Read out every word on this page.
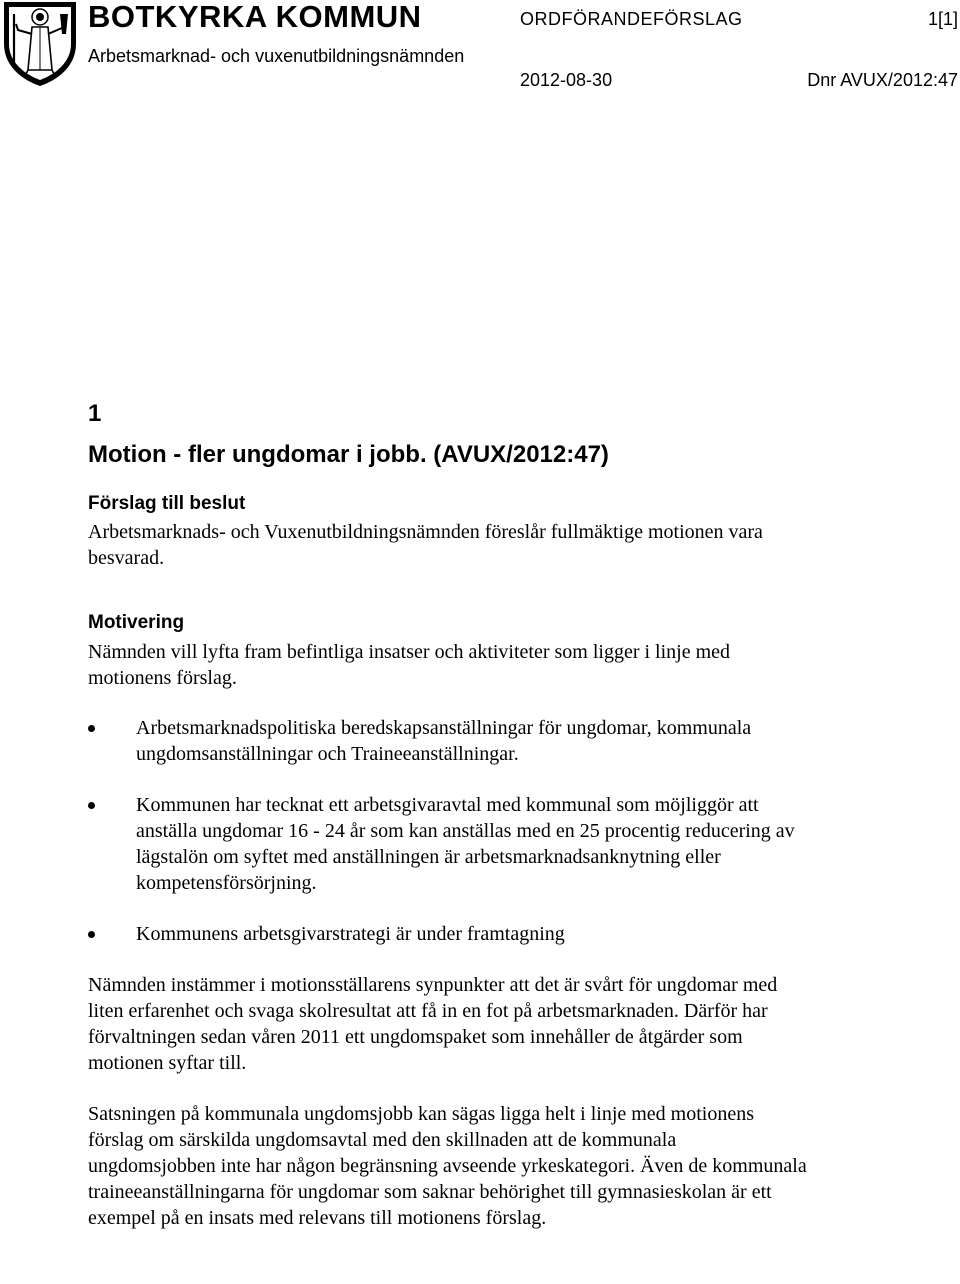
BOTKYRKA KOMMUN
Arbetsmarknad- och vuxenutbildningsnämnden
ORDFÖRANDEFÖRSLAG	1[1]
2012-08-30	Dnr AVUX/2012:47
1
Motion - fler ungdomar i jobb. (AVUX/2012:47)
Förslag till beslut

Arbetsmarknads- och Vuxenutbildningsnämnden föreslår fullmäktige motionen vara besvarad.

Motivering

Nämnden vill lyfta fram befintliga insatser och aktiviteter som ligger i linje med motionens förslag.

Arbetsmarknadspolitiska beredskapsanställningar för ungdomar, kommunala ungdomsanställningar och Traineeanställningar.
Kommunen har tecknat ett arbetsgivaravtal med kommunal som möjliggör att anställa ungdomar 16 - 24 år som kan anställas med en 25 procentig reducering av lägstalön om syftet med anställningen är arbetsmarknadsanknytning eller kompetensförsörjning.
Kommunens arbetsgivarstrategi är under framtagning

Nämnden instämmer i motionsställarens synpunkter att det är svårt för ungdomar med liten erfarenhet och svaga skolresultat att få in en fot på arbetsmarknaden. Därför har förvaltningen sedan våren 2011 ett ungdomspaket som innehåller de åtgärder som motionen syftar till.

Satsningen på kommunala ungdomsjobb kan sägas ligga helt i linje med motionens förslag om särskilda ungdomsavtal med den skillnaden att de kommunala ungdomsjobben inte har någon begränsning avseende yrkeskategori. Även de kommunala traineeanställningarna för ungdomar som saknar behörighet till gymnasieskolan är ett exempel på en insats med relevans till motionens förslag.
